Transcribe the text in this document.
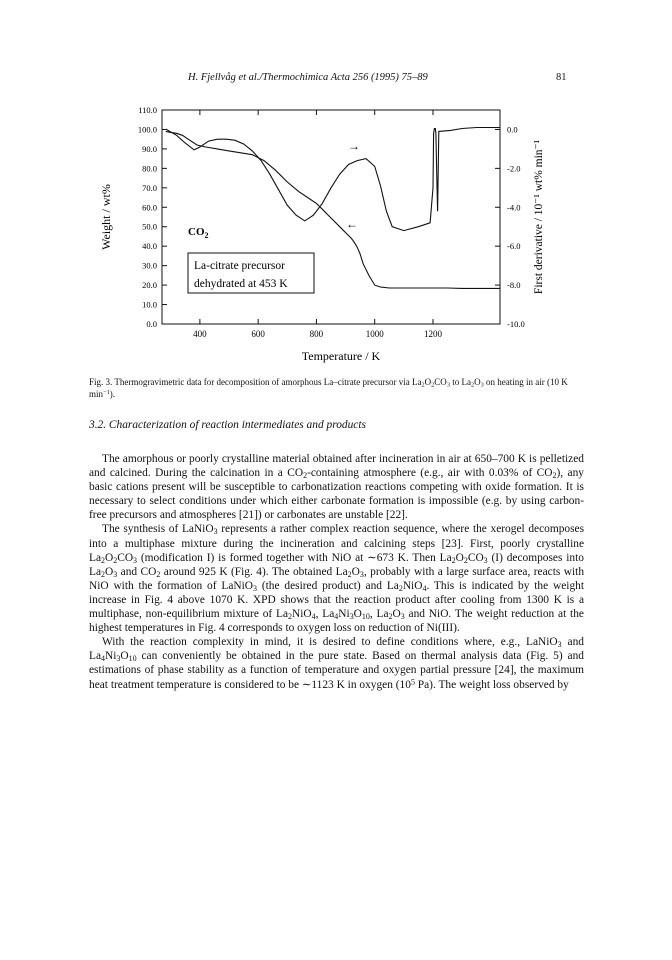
H. Fjellvåg et al./Thermochimica Acta 256 (1995) 75–89	81
400	600	800	1000	1200
0.0
10.0
20.0
30.0
40.0
50.0
60.0
70.0
80.0
90.0
100.0
110.0
0.0
-2.0
-4.0
-6.0
-8.0
-10.0
Temperature / K
Weight / wt%	First derivative / 10⁻¹ wt% min⁻¹
$CO_2$
La-citrate precursor
dehydrated at 453 K
→
←
Fig. 3. Thermogravimetric data for decomposition of amorphous La–citrate precursor via $La_2O_2CO_3$ to $La_2O_3$ on heating in air (10 K $\min^{-1}$).
3.2. Characterization of reaction intermediates and products

The amorphous or poorly crystalline material obtained after incineration in air at 650–700 K is pelletized and calcined. During the calcination in a $CO_2$-containing atmosphere (e.g., air with 0.03% of $CO_2$), any basic cations present will be susceptible to carbonatization reactions competing with oxide formation. It is necessary to select conditions under which either carbonate formation is impossible (e.g. by using carbon-free precursors and atmospheres [21]) or carbonates are unstable [22].

The synthesis of LaNiO$_3$ represents a rather complex reaction sequence, where the xerogel decomposes into a multiphase mixture during the incineration and calcining steps [23]. First, poorly crystalline $La_2O_2CO_3$ (modification I) is formed together with NiO at ∼673 K. Then $La_2O_2CO_3$ (I) decomposes into $La_2O_3$ and $CO_2$ around 925 K (Fig. 4). The obtained $La_2O_3$, probably with a large surface area, reacts with NiO with the formation of LaNiO$_3$ (the desired product) and $La_2NiO_4$. This is indicated by the weight increase in Fig. 4 above 1070 K. XPD shows that the reaction product after cooling from 1300 K is a multiphase, non-equilibrium mixture of $La_2NiO_4$, $La_4Ni_3O_{10}$, $La_2O_3$ and NiO. The weight reduction at the highest temperatures in Fig. 4 corresponds to oxygen loss on reduction of Ni(III).

With the reaction complexity in mind, it is desired to define conditions where, e.g., LaNiO$_3$ and $La_4Ni_3O_{10}$ can conveniently be obtained in the pure state. Based on thermal analysis data (Fig. 5) and estimations of phase stability as a function of temperature and oxygen partial pressure [24], the maximum heat treatment temperature is considered to be ∼1123 K in oxygen ($10^5$ Pa). The weight loss observed by
